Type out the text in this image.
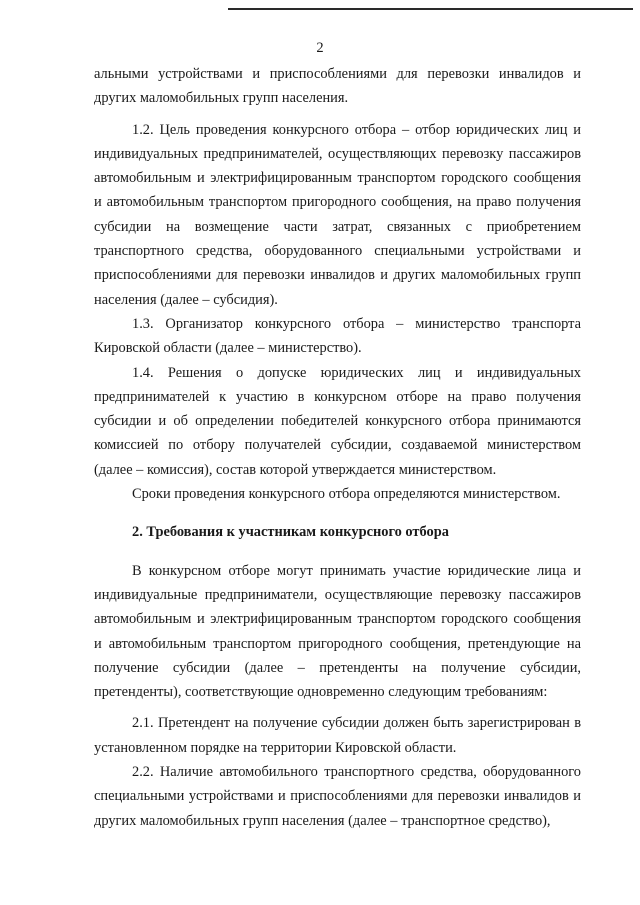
2

альными устройствами и приспособлениями для перевозки инвалидов и других маломобильных групп населения.

1.2. Цель проведения конкурсного отбора – отбор юридических лиц и индивидуальных предпринимателей, осуществляющих перевозку пассажиров автомобильным и электрифицированным транспортом городского сообщения и автомобильным транспортом пригородного сообщения, на право получения субсидии на возмещение части затрат, связанных с приобретением транспортного средства, оборудованного специальными устройствами и приспособлениями для перевозки инвалидов и других маломобильных групп населения (далее – субсидия).

1.3. Организатор конкурсного отбора – министерство транспорта Кировской области (далее – министерство).

1.4. Решения о допуске юридических лиц и индивидуальных предпринимателей к участию в конкурсном отборе на право получения субсидии и об определении победителей конкурсного отбора принимаются комиссией по отбору получателей субсидии, создаваемой министерством (далее – комиссия), состав которой утверждается министерством.

Сроки проведения конкурсного отбора определяются министерством.

2. Требования к участникам конкурсного отбора

В конкурсном отборе могут принимать участие юридические лица и индивидуальные предприниматели, осуществляющие перевозку пассажиров автомобильным и электрифицированным транспортом городского сообщения и автомобильным транспортом пригородного сообщения, претендующие на получение субсидии (далее – претенденты на получение субсидии, претенденты), соответствующие одновременно следующим требованиям:

2.1. Претендент на получение субсидии должен быть зарегистрирован в установленном порядке на территории Кировской области.

2.2. Наличие автомобильного транспортного средства, оборудованного специальными устройствами и приспособлениями для перевозки инвалидов и других маломобильных групп населения (далее – транспортное средство),
